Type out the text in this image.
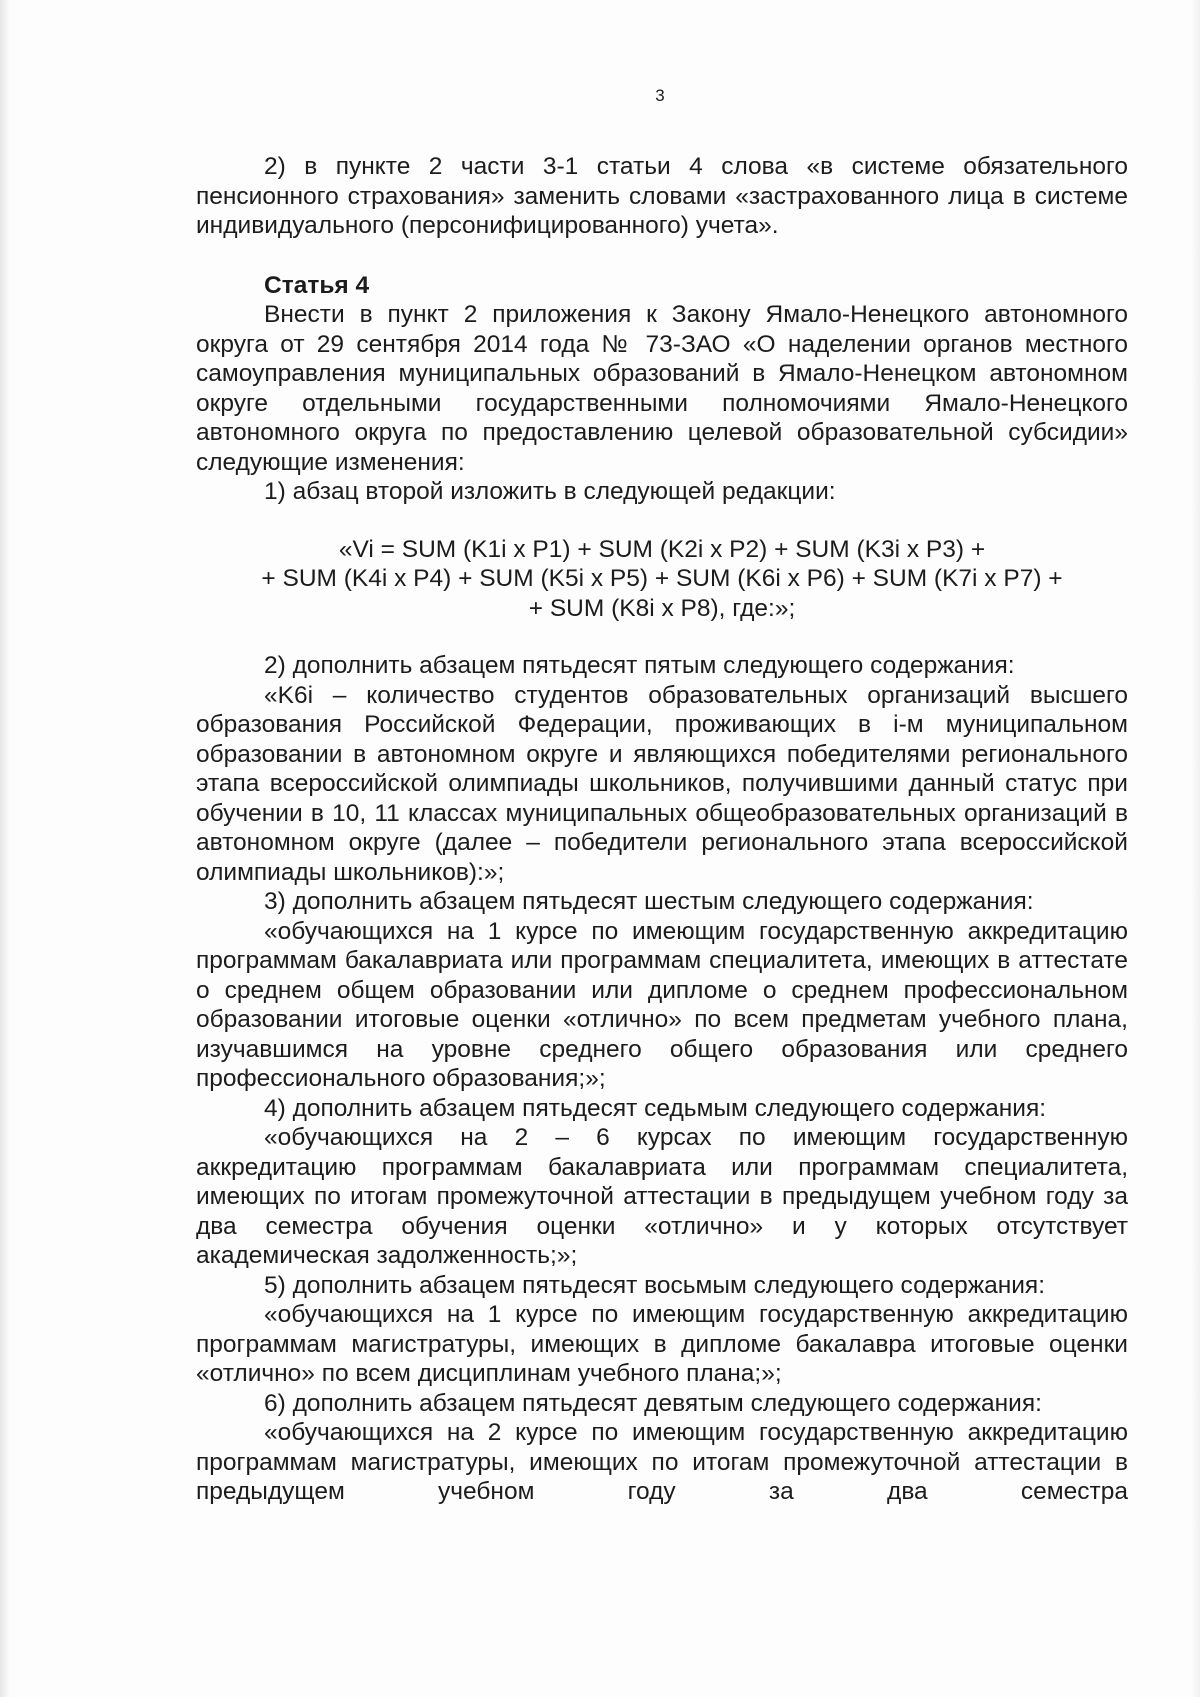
3

2) в пункте 2 части 3-1 статьи 4 слова «в системе обязательного пенсионного страхования» заменить словами «застрахованного лица в системе индивидуального (персонифицированного) учета».

Статья 4

Внести в пункт 2 приложения к Закону Ямало-Ненецкого автономного округа от 29 сентября 2014 года № 73-ЗАО «О наделении органов местного самоуправления муниципальных образований в Ямало-Ненецком автономном округе отдельными государственными полномочиями Ямало-Ненецкого автономного округа по предоставлению целевой образовательной субсидии» следующие изменения:

1) абзац второй изложить в следующей редакции:

«Vi = SUM (K1i x P1) + SUM (K2i x P2) + SUM (K3i x P3) +
+ SUM (K4i x P4) + SUM (K5i x P5) + SUM (K6i x P6) + SUM (K7i x P7) +
+ SUM (K8i x P8), где:»;

2) дополнить абзацем пятьдесят пятым следующего содержания:

«K6i – количество студентов образовательных организаций высшего образования Российской Федерации, проживающих в i-м муниципальном образовании в автономном округе и являющихся победителями регионального этапа всероссийской олимпиады школьников, получившими данный статус при обучении в 10, 11 классах муниципальных общеобразовательных организаций в автономном округе (далее – победители регионального этапа всероссийской олимпиады школьников):»;

3) дополнить абзацем пятьдесят шестым следующего содержания:

«обучающихся на 1 курсе по имеющим государственную аккредитацию программам бакалавриата или программам специалитета, имеющих в аттестате о среднем общем образовании или дипломе о среднем профессиональном образовании итоговые оценки «отлично» по всем предметам учебного плана, изучавшимся на уровне среднего общего образования или среднего профессионального образования;»;

4) дополнить абзацем пятьдесят седьмым следующего содержания:

«обучающихся на 2 – 6 курсах по имеющим государственную аккредитацию программам бакалавриата или программам специалитета, имеющих по итогам промежуточной аттестации в предыдущем учебном году за два семестра обучения оценки «отлично» и у которых отсутствует академическая задолженность;»;

5) дополнить абзацем пятьдесят восьмым следующего содержания:

«обучающихся на 1 курсе по имеющим государственную аккредитацию программам магистратуры, имеющих в дипломе бакалавра итоговые оценки «отлично» по всем дисциплинам учебного плана;»;

6) дополнить абзацем пятьдесят девятым следующего содержания:

«обучающихся на 2 курсе по имеющим государственную аккредитацию программам магистратуры, имеющих по итогам промежуточной аттестации в предыдущем учебном году за два семестра
